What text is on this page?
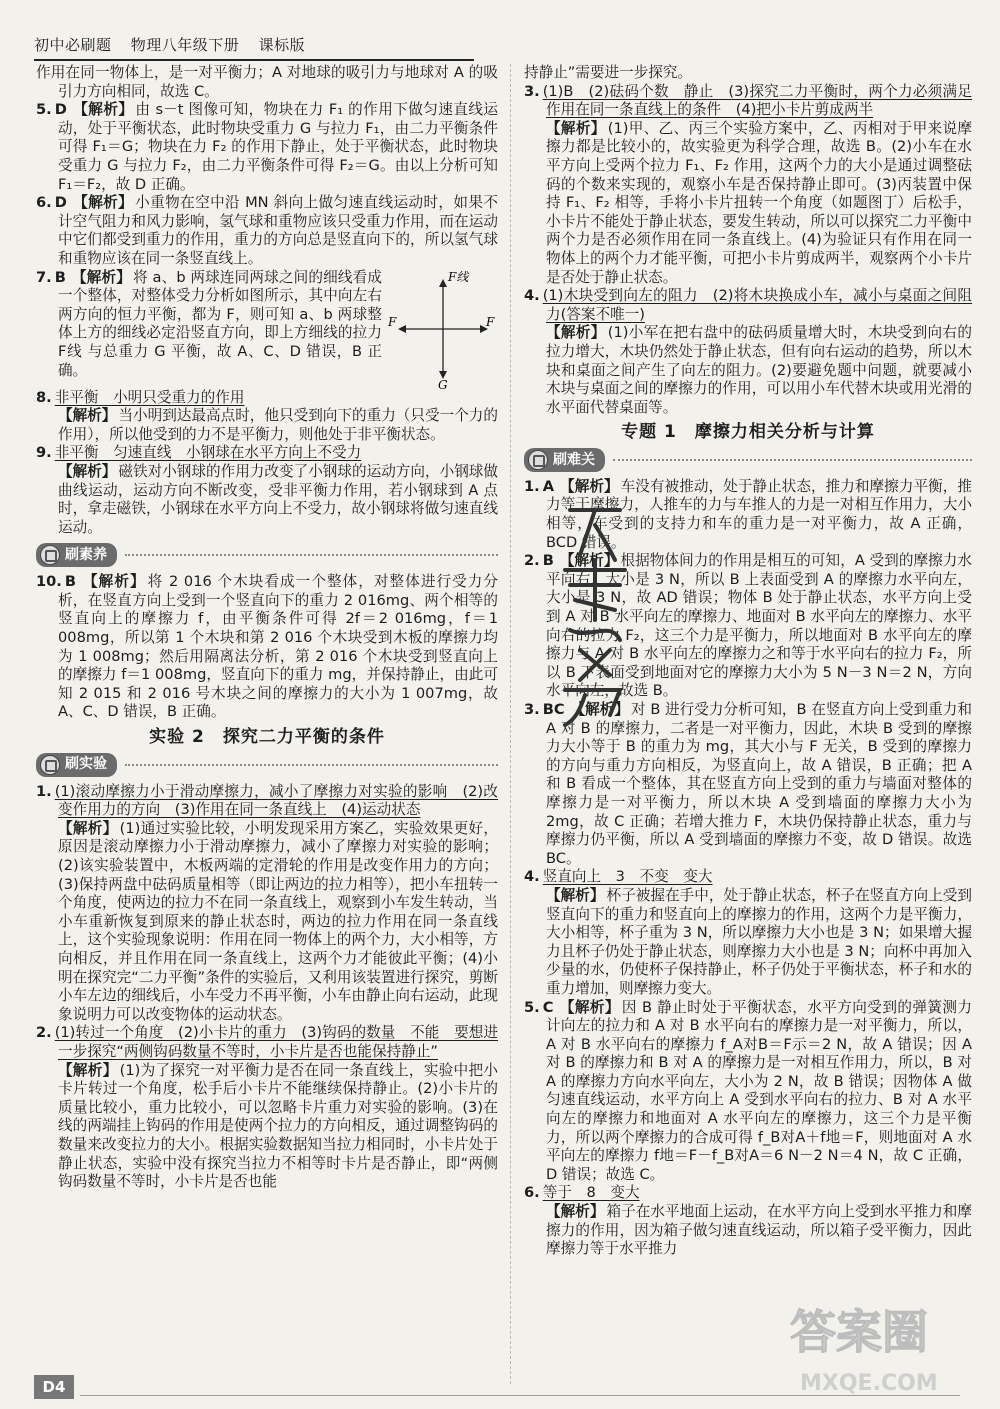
初中必刷题 物理八年级下册 课标版

作用在同一物体上，是一对平衡力；A 对地球的吸引力与地球对 A 的吸引力方向相同，故选 C。

5. D 【解析】 由 s－t 图像可知，物块在力 F₁ 的作用下做匀速直线运动，处于平衡状态，此时物块受重力 G 与拉力 F₁，由二力平衡条件可得 F₁＝G；物块在力 F₂ 的作用下静止，处于平衡状态，此时物块受重力 G 与拉力 F₂，由二力平衡条件可得 F₂＝G。由以上分析可知 F₁＝F₂，故 D 正确。

6. D 【解析】 小重物在空中沿 MN 斜向上做匀速直线运动时，如果不计空气阻力和风力影响，氢气球和重物应该只受重力作用，而在运动中它们都受到重力的作用，重力的方向总是竖直向下的，所以氢气球和重物应该在同一条竖直线上。

F线
F	F
G
7. B 【解析】 将 a、b 两球连同两球之间的细线看成一个整体，对整体受力分析如图所示，其中向左右两方向的恒力平衡，都为 F，则可知 a、b 两球整体上方的细线必定沿竖直方向，即上方细线的拉力 F线 与总重力 G 平衡，故 A、C、D 错误，B 正确。

8. 非平衡　小明只受重力的作用
【解析】 当小明到达最高点时，他只受到向下的重力（只受一个力的作用），所以他受到的力不是平衡力，则他处于非平衡状态。

9. 非平衡　匀速直线　小钢球在水平方向上不受力
【解析】 磁铁对小钢球的作用力改变了小钢球的运动方向，小钢球做曲线运动，运动方向不断改变，受非平衡力作用，若小钢球到 A 点时，拿走磁铁，小钢球在水平方向上不受力，故小钢球将做匀速直线运动。

刷素养

10. B 【解析】 将 2 016 个木块看成一个整体，对整体进行受力分析，在竖直方向上受到一个竖直向下的重力 2 016mg、两个相等的竖直向上的摩擦力 f，由平衡条件可得 2f＝2 016mg，f＝1 008mg，所以第 1 个木块和第 2 016 个木块受到木板的摩擦力均为 1 008mg；然后用隔离法分析，第 2 016 个木块受到竖直向上的摩擦力 f＝1 008mg，竖直向下的重力 mg，并保持静止，由此可知 2 015 和 2 016 号木块之间的摩擦力的大小为 1 007mg，故 A、C、D 错误，B 正确。

实验 2　探究二力平衡的条件
刷实验

1. (1)滚动摩擦力小于滑动摩擦力，减小了摩擦力对实验的影响　(2)改变作用力的方向　(3)作用在同一条直线上　(4)运动状态
【解析】 (1)通过实验比较，小明发现采用方案乙，实验效果更好，原因是滚动摩擦力小于滑动摩擦力，减小了摩擦力对实验的影响；(2)该实验装置中，木板两端的定滑轮的作用是改变作用力的方向；(3)保持两盘中砝码质量相等（即让两边的拉力相等），把小车扭转一个角度，使两边的拉力不在同一条直线上，观察到小车发生转动，当小车重新恢复到原来的静止状态时，两边的拉力作用在同一条直线上，这个实验现象说明：作用在同一物体上的两个力，大小相等，方向相反，并且作用在同一条直线上，这两个力才能彼此平衡；(4)小明在探究完“二力平衡”条件的实验后，又利用该装置进行探究，剪断小车左边的细线后，小车受力不再平衡，小车由静止向右运动，此现象说明力可以改变物体的运动状态。

2. (1)转过一个角度　(2)小卡片的重力　(3)钩码的数量　不能　要想进一步探究“两侧钩码数量不等时，小卡片是否也能保持静止”
【解析】 (1)为了探究一对平衡力是否在同一条直线上，实验中把小卡片转过一个角度，松手后小卡片不能继续保持静止。(2)小卡片的质量比较小，重力比较小，可以忽略卡片重力对实验的影响。(3)在线的两端挂上钩码的作用是使两个拉力的方向相反，通过调整钩码的数量来改变拉力的大小。根据实验数据知当拉力相同时，小卡片处于静止状态，实验中没有探究当拉力不相等时卡片是否静止，即“两侧钩码数量不等时，小卡片是否也能

持静止”需要进一步探究。

3. (1)B　(2)砝码个数　静止　(3)探究二力平衡时，两个力必须满足作用在同一条直线上的条件　(4)把小卡片剪成两半
【解析】 (1)甲、乙、丙三个实验方案中，乙、丙相对于甲来说摩擦力都是比较小的，故实验更为科学合理，故选 B。(2)小车在水平方向上受两个拉力 F₁、F₂ 作用，这两个力的大小是通过调整砝码的个数来实现的，观察小车是否保持静止即可。(3)丙装置中保持 F₁、F₂ 相等，手将小卡片扭转一个角度（如题图丁）后松手，小卡片不能处于静止状态，要发生转动，所以可以探究二力平衡中两个力是否必须作用在同一条直线上。(4)为验证只有作用在同一物体上的两个力才能平衡，可把小卡片剪成两半，观察两个小卡片是否处于静止状态。

4. (1)木块受到向左的阻力　(2)将木块换成小车，减小与桌面之间阻力(答案不唯一)
【解析】 (1)小军在把右盘中的砝码质量增大时，木块受到向右的拉力增大，木块仍然处于静止状态，但有向右运动的趋势，所以木块和桌面之间产生了向左的阻力。(2)要避免题中问题，就要减小木块与桌面之间的摩擦力的作用，可以用小车代替木块或用光滑的水平面代替桌面等。

专题 1　摩擦力相关分析与计算
刷难关

1. A 【解析】 车没有被推动，处于静止状态，推力和摩擦力平衡，推力等于摩擦力，人推车的力与车推人的力是一对相互作用力，大小相等，车受到的支持力和车的重力是一对平衡力，故 A 正确，BCD 错误。

2. B 【解析】 根据物体间力的作用是相互的可知，A 受到的摩擦力水平向右，大小是 3 N，所以 B 上表面受到 A 的摩擦力水平向左，大小是 3 N，故 AD 错误；物体 B 处于静止状态，水平方向上受到 A 对 B 水平向左的摩擦力、地面对 B 水平向左的摩擦力、水平向右的拉力 F₂，这三个力是平衡力，所以地面对 B 水平向左的摩擦力与 A 对 B 水平向左的摩擦力之和等于水平向右的拉力 F₂，所以 B 下表面受到地面对它的摩擦力大小为 5 N－3 N＝2 N，方向水平向左，故选 B。

3. BC 【解析】 对 B 进行受力分析可知，B 在竖直方向上受到重力和 A 对 B 的摩擦力，二者是一对平衡力，因此，木块 B 受到的摩擦力大小等于 B 的重力为 mg，其大小与 F 无关，B 受到的摩擦力的方向与重力方向相反，为竖直向上，故 A 错误，B 正确；把 A 和 B 看成一个整体，其在竖直方向上受到的重力与墙面对整体的摩擦力是一对平衡力，所以木块 A 受到墙面的摩擦力大小为 2mg，故 C 正确；若增大推力 F，木块仍保持静止状态，重力与摩擦力仍平衡，所以 A 受到墙面的摩擦力不变，故 D 错误。故选 BC。

4. 竖直向上　3　不变　变大
【解析】 杯子被握在手中，处于静止状态，杯子在竖直方向上受到竖直向下的重力和竖直向上的摩擦力的作用，这两个力是平衡力，大小相等，杯子重为 3 N，所以摩擦力大小也是 3 N；如果增大握力且杯子仍处于静止状态，则摩擦力大小也是 3 N；向杯中再加入少量的水，仍使杯子保持静止，杯子仍处于平衡状态，杯子和水的重力增加，则摩擦力变大。

5. C 【解析】 因 B 静止时处于平衡状态，水平方向受到的弹簧测力计向左的拉力和 A 对 B 水平向右的摩擦力是一对平衡力，所以，A 对 B 水平向右的摩擦力 f_A对B＝F示＝2 N，故 A 错误；因 A 对 B 的摩擦力和 B 对 A 的摩擦力是一对相互作用力，所以，B 对 A 的摩擦力方向水平向左，大小为 2 N，故 B 错误；因物体 A 做匀速直线运动，水平方向上 A 受到水平向右的拉力、B 对 A 水平向左的摩擦力和地面对 A 水平向左的摩擦力，这三个力是平衡力，所以两个摩擦力的合成可得 f_B对A＋f地＝F，则地面对 A 水平向左的摩擦力 f地＝F－f_B对A＝6 N－2 N＝4 N，故 C 正确，D 错误；故选 C。

6. 等于　8　变大
【解析】 箱子在水平地面上运动，在水平方向上受到水平推力和摩擦力的作用，因为箱子做匀速直线运动，所以箱子受平衡力，因此摩擦力等于水平推力

答案圈
MXQE.COM
D4
